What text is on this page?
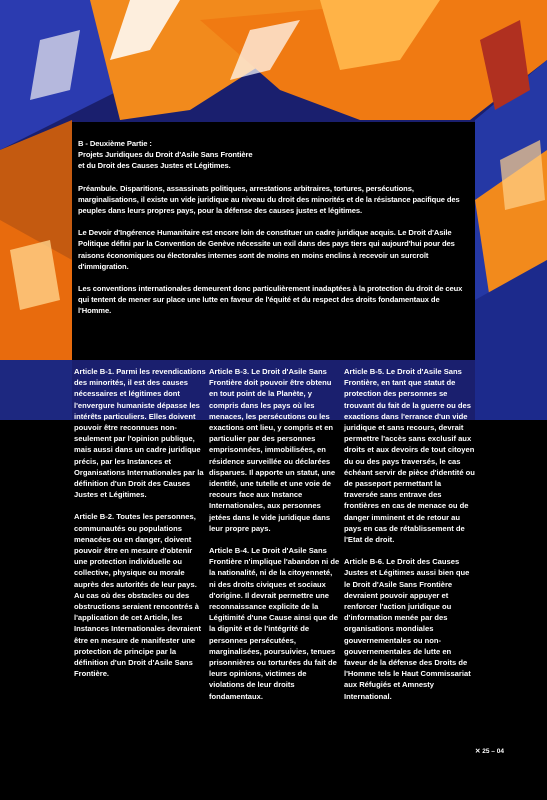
B - Deuxième Partie :
Projets Juridiques du Droit d'Asile Sans Frontière
et du Droit des Causes Justes et Légitimes.

Préambule. Disparitions, assassinats politiques, arrestations arbitraires, tortures, persécutions, marginalisations, il existe un vide juridique au niveau du droit des minorités et de la résistance pacifique des peuples dans leurs propres pays, pour la défense des causes justes et légitimes.

Le Devoir d'Ingérence Humanitaire est encore loin de constituer un cadre juridique acquis. Le Droit d'Asile Politique défini par la Convention de Genève nécessite un exil dans des pays tiers qui aujourd'hui pour des raisons économiques ou électorales internes sont de moins en moins enclins à recevoir un surcroît d'immigration.

Les conventions internationales demeurent donc particulièrement inadaptées à la protection du droit de ceux qui tentent de mener sur place une lutte en faveur de l'équité et du respect des droits fondamentaux de l'Homme.

Article B-1. Parmi les revendications des minorités, il est des causes nécessaires et légitimes dont l'envergure humaniste dépasse les intérêts particuliers. Elles doivent pouvoir être reconnues non-seulement par l'opinion publique, mais aussi dans un cadre juridique précis, par les Instances et Organisations Internationales par la définition d'un Droit des Causes Justes et Légitimes.

Article B-2. Toutes les personnes, communautés ou populations menacées ou en danger, doivent pouvoir être en mesure d'obtenir une protection individuelle ou collective, physique ou morale auprès des autorités de leur pays. Au cas où des obstacles ou des obstructions seraient rencontrés à l'application de cet Article, les Instances Internationales devraient être en mesure de manifester une protection de principe par la définition d'un Droit d'Asile Sans Frontière.

Article B-3. Le Droit d'Asile Sans Frontière doit pouvoir être obtenu en tout point de la Planète, y compris dans les pays où les menaces, les persécutions ou les exactions ont lieu, y compris et en particulier par des personnes emprisonnées, immobilisées, en résidence surveillée ou déclarées disparues. Il apporte un statut, une identité, une tutelle et une voie de recours face aux Instance Internationales, aux personnes jetées dans le vide juridique dans leur propre pays.

Article B-4. Le Droit d'Asile Sans Frontière n'implique l'abandon ni de la nationalité, ni de la citoyenneté, ni des droits civiques et sociaux d'origine. Il devrait permettre une reconnaissance explicite de la Légitimité d'une Cause ainsi que de la dignité et de l'intégrité de personnes persécutées, marginalisées, poursuivies, tenues prisonnières ou torturées du fait de leurs opinions, victimes de violations de leur droits fondamentaux.

Article B-5. Le Droit d'Asile Sans Frontière, en tant que statut de protection des personnes se trouvant du fait de la guerre ou des exactions dans l'errance d'un vide juridique et sans recours, devrait permettre l'accès sans exclusif aux droits et aux devoirs de tout citoyen du ou des pays traversés, le cas échéant servir de pièce d'identité ou de passeport permettant la traversée sans entrave des frontières en cas de menace ou de danger imminent et de retour au pays en cas de rétablissement de l'Etat de droit.

Article B-6. Le Droit des Causes Justes et Légitimes aussi bien que le Droit d'Asile Sans Frontière devraient pouvoir appuyer et renforcer l'action juridique ou d'information menée par des organisations mondiales gouvernementales ou non-gouvernementales de lutte en faveur de la défense des Droits de l'Homme tels le Haut Commissariat aux Réfugiés et Amnesty International.

✕ 25 – 04
